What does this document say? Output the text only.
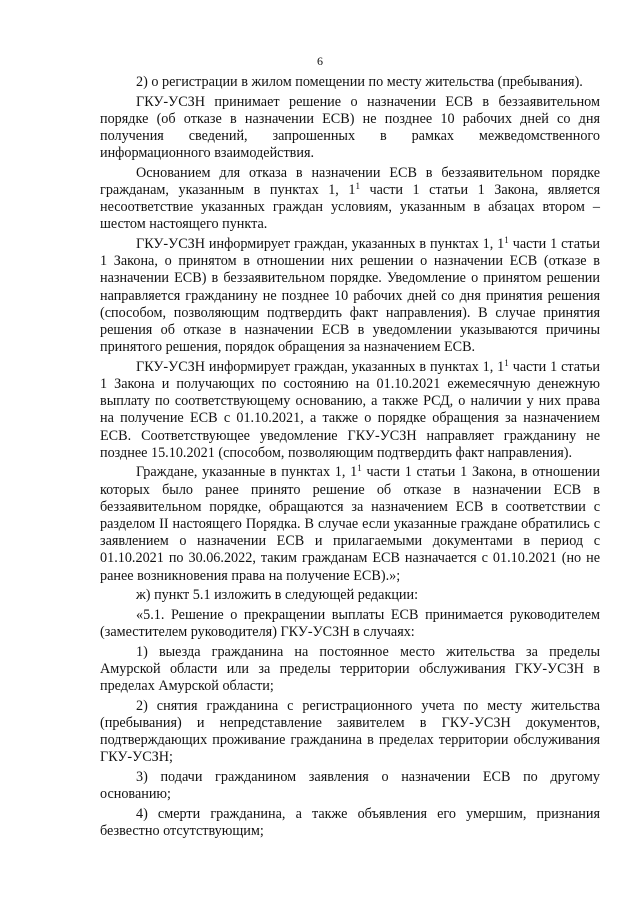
6

2) о регистрации в жилом помещении по месту жительства (пребывания).

ГКУ-УСЗН принимает решение о назначении ЕСВ в беззаявительном порядке (об отказе в назначении ЕСВ) не позднее 10 рабочих дней со дня получения сведений, запрошенных в рамках межведомственного информационного взаимодействия.

Основанием для отказа в назначении ЕСВ в беззаявительном порядке гражданам, указанным в пунктах 1, $1^1$ части 1 статьи 1 Закона, является несоответствие указанных граждан условиям, указанным в абзацах втором – шестом настоящего пункта.

ГКУ-УСЗН информирует граждан, указанных в пунктах 1, $1^1$ части 1 статьи 1 Закона, о принятом в отношении них решении о назначении ЕСВ (отказе в назначении ЕСВ) в беззаявительном порядке. Уведомление о принятом решении направляется гражданину не позднее 10 рабочих дней со дня принятия решения (способом, позволяющим подтвердить факт направления). В случае принятия решения об отказе в назначении ЕСВ в уведомлении указываются причины принятого решения, порядок обращения за назначением ЕСВ.

ГКУ-УСЗН информирует граждан, указанных в пунктах 1, $1^1$ части 1 статьи 1 Закона и получающих по состоянию на 01.10.2021 ежемесячную денежную выплату по соответствующему основанию, а также РСД, о наличии у них права на получение ЕСВ с 01.10.2021, а также о порядке обращения за назначением ЕСВ. Соответствующее уведомление ГКУ-УСЗН направляет гражданину не позднее 15.10.2021 (способом, позволяющим подтвердить факт направления).

Граждане, указанные в пунктах 1, $1^1$ части 1 статьи 1 Закона, в отношении которых было ранее принято решение об отказе в назначении ЕСВ в беззаявительном порядке, обращаются за назначением ЕСВ в соответствии с разделом II настоящего Порядка. В случае если указанные граждане обратились с заявлением о назначении ЕСВ и прилагаемыми документами в период с 01.10.2021 по 30.06.2022, таким гражданам ЕСВ назначается с 01.10.2021 (но не ранее возникновения права на получение ЕСВ).»;

ж) пункт 5.1 изложить в следующей редакции:

«5.1. Решение о прекращении выплаты ЕСВ принимается руководителем (заместителем руководителя) ГКУ-УСЗН в случаях:

1) выезда гражданина на постоянное место жительства за пределы Амурской области или за пределы территории обслуживания ГКУ-УСЗН в пределах Амурской области;

2) снятия гражданина с регистрационного учета по месту жительства (пребывания) и непредставление заявителем в ГКУ-УСЗН документов, подтверждающих проживание гражданина в пределах территории обслуживания ГКУ-УСЗН;

3) подачи гражданином заявления о назначении ЕСВ по другому основанию;

4) смерти гражданина, а также объявления его умершим, признания безвестно отсутствующим;
